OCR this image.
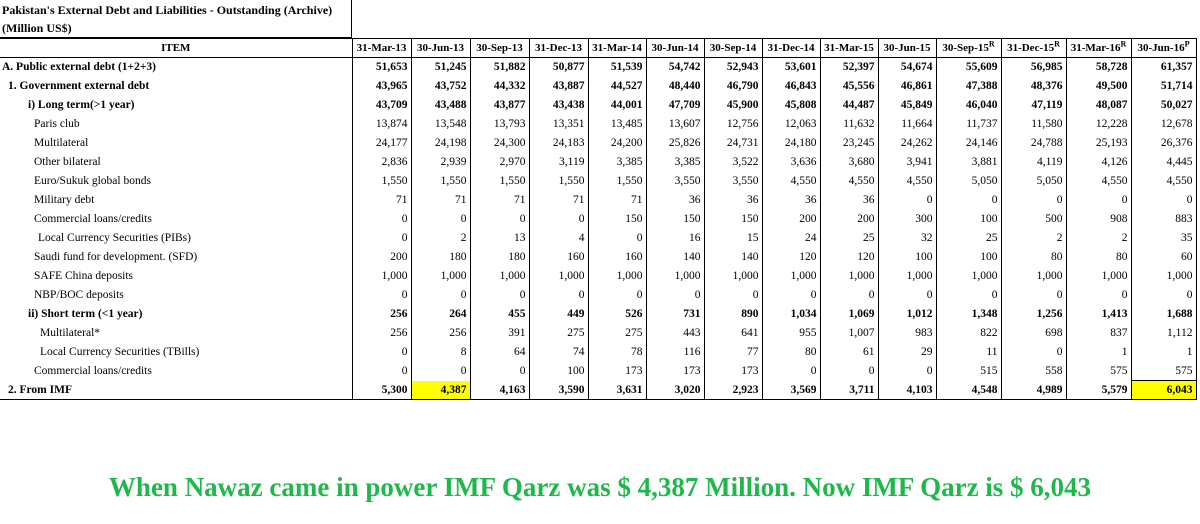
Pakistan's External Debt and Liabilities - Outstanding (Archive)
(Million US$)
ITEM	31-Mar-13	30-Jun-13	30-Sep-13	31-Dec-13	31-Mar-14	30-Jun-14	30-Sep-14	31-Dec-14	31-Mar-15	30-Jun-15	$30-Sep-15^R$	$31-Dec-15^R$	$31-Mar-16^R$	$30-Jun-16^P$
A. Public external debt (1+2+3)	51,653	51,245	51,882	50,877	51,539	54,742	52,943	53,601	52,397	54,674	55,609	56,985	58,728	61,357
1. Government external debt	43,965	43,752	44,332	43,887	44,527	48,440	46,790	46,843	45,556	46,861	47,388	48,376	49,500	51,714
i) Long term(>1 year)	43,709	43,488	43,877	43,438	44,001	47,709	45,900	45,808	44,487	45,849	46,040	47,119	48,087	50,027
Paris club	13,874	13,548	13,793	13,351	13,485	13,607	12,756	12,063	11,632	11,664	11,737	11,580	12,228	12,678
Multilateral	24,177	24,198	24,300	24,183	24,200	25,826	24,731	24,180	23,245	24,262	24,146	24,788	25,193	26,376
Other bilateral	2,836	2,939	2,970	3,119	3,385	3,385	3,522	3,636	3,680	3,941	3,881	4,119	4,126	4,445
Euro/Sukuk global bonds	1,550	1,550	1,550	1,550	1,550	3,550	3,550	4,550	4,550	4,550	5,050	5,050	4,550	4,550
Military debt	71	71	71	71	71	36	36	36	36	0	0	0	0	0
Commercial loans/credits	0	0	0	0	150	150	150	200	200	300	100	500	908	883
Local Currency Securities (PIBs)	0	2	13	4	0	16	15	24	25	32	25	2	2	35
Saudi fund for development. (SFD)	200	180	180	160	160	140	140	120	120	100	100	80	80	60
SAFE China deposits	1,000	1,000	1,000	1,000	1,000	1,000	1,000	1,000	1,000	1,000	1,000	1,000	1,000	1,000
NBP/BOC deposits	0	0	0	0	0	0	0	0	0	0	0	0	0	0
ii) Short term (<1 year)	256	264	455	449	526	731	890	1,034	1,069	1,012	1,348	1,256	1,413	1,688
Multilateral*	256	256	391	275	275	443	641	955	1,007	983	822	698	837	1,112
Local Currency Securities (TBills)	0	8	64	74	78	116	77	80	61	29	11	0	1	1
Commercial loans/credits	0	0	0	100	173	173	173	0	0	0	515	558	575	575
2. From IMF	5,300	4,387	4,163	3,590	3,631	3,020	2,923	3,569	3,711	4,103	4,548	4,989	5,579	6,043
When Nawaz came in power IMF Qarz was $ 4,387 Million. Now IMF Qarz is $ 6,043
